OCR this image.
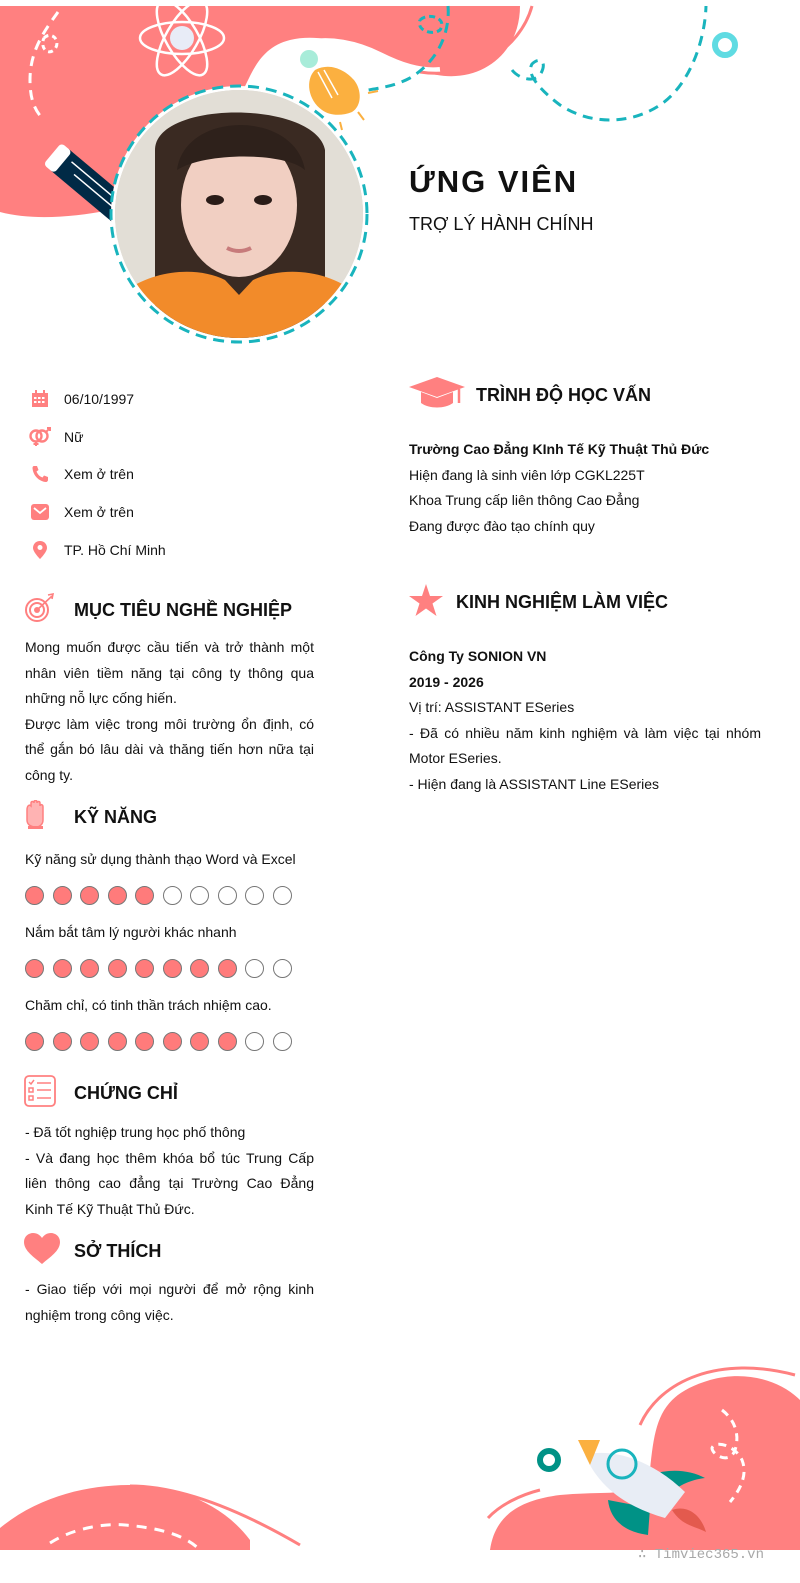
ỨNG VIÊN

TRỢ LÝ HÀNH CHÍNH

06/10/1997
Nữ
Xem ở trên
Xem ở trên
TP. Hồ Chí Minh
MỤC TIÊU NGHỀ NGHIỆP

Mong muốn được cầu tiến và trở thành một nhân viên tiềm năng tại công ty thông qua những nỗ lực cống hiến.

Được làm việc trong môi trường ổn định, có thể gắn bó lâu dài và thăng tiến hơn nữa tại công ty.

KỸ NĂNG
Kỹ năng sử dụng thành thạo Word và Excel
Nắm bắt tâm lý người khác nhanh
Chăm chỉ, có tinh thần trách nhiệm cao.
CHỨNG CHỈ

- Đã tốt nghiệp trung học phố thông

- Và đang học thêm khóa bổ túc Trung Cấp liên thông cao đẳng tại Trường Cao Đẳng Kinh Tế Kỹ Thuật Thủ Đức.

SỞ THÍCH

- Giao tiếp với mọi người để mở rộng kinh nghiệm trong công việc.

TRÌNH ĐỘ HỌC VẤN

Trường Cao Đẳng KInh Tế Kỹ Thuật Thủ Đức

Hiện đang là sinh viên lớp CGKL225T

Khoa Trung cấp liên thông Cao Đẳng

Đang được đào tạo chính quy

KINH NGHIỆM LÀM VIỆC

Công Ty SONION VN

2019 - 2026

Vị trí: ASSISTANT ESeries

- Đã có nhiều năm kinh nghiệm và làm việc tại nhóm Motor ESeries.

- Hiện đang là ASSISTANT Line ESeries

∴ Timviec365.vn
